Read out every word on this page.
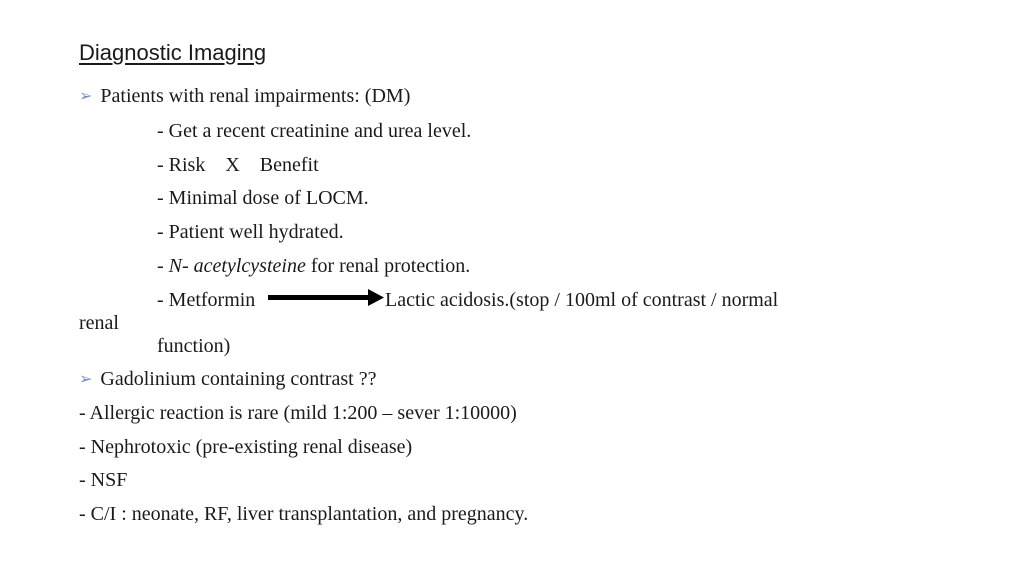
Diagnostic Imaging
➢ Patients with renal impairments: (DM)
- Get a recent creatinine and urea level.
- Risk    X    Benefit
- Minimal dose of LOCM.
- Patient well hydrated.
- N- acetylcysteine for renal protection.
- Metformin	Lactic acidosis.(stop / 100ml of contrast / normal
renal
function)
➢ Gadolinium containing contrast ??
- Allergic reaction is rare (mild 1:200 – sever 1:10000)
- Nephrotoxic (pre-existing renal disease)
- NSF
- C/I : neonate, RF, liver transplantation, and pregnancy.
